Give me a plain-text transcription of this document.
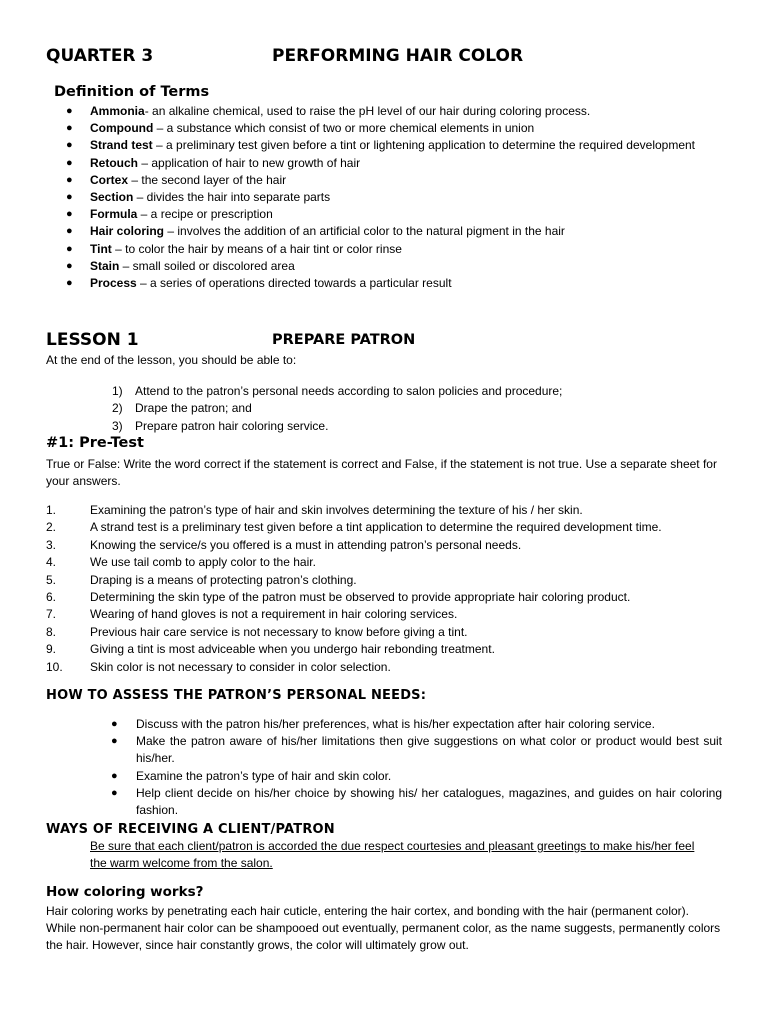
QUARTER 3	PERFORMING HAIR COLOR
Definition of Terms
● Ammonia- an alkaline chemical, used to raise the pH level of our hair during coloring process.
● Compound – a substance which consist of two or more chemical elements in union
● Strand test – a preliminary test given before a tint or lightening application to determine the required development
● Retouch – application of hair to new growth of hair
● Cortex – the second layer of the hair
● Section – divides the hair into separate parts
● Formula – a recipe or prescription
● Hair coloring – involves the addition of an artificial color to the natural pigment in the hair
● Tint – to color the hair by means of a hair tint or color rinse
● Stain – small soiled or discolored area
● Process – a series of operations directed towards a particular result
LESSON 1	PREPARE PATRON
At the end of the lesson, you should be able to:
1)	Attend to the patron’s personal needs according to salon policies and procedure;
2)	Drape the patron; and
3)	Prepare patron hair coloring service.
#1: Pre-Test
True or False: Write the word correct if the statement is correct and False, if the statement is not true. Use a separate sheet for your answers.
1.	Examining the patron’s type of hair and skin involves determining the texture of his / her skin.
2.	A strand test is a preliminary test given before a tint application to determine the required development time.
3.	Knowing the service/s you offered is a must in attending patron’s personal needs.
4.	We use tail comb to apply color to the hair.
5.	Draping is a means of protecting patron’s clothing.
6.	Determining the skin type of the patron must be observed to provide appropriate hair coloring product.
7.	Wearing of hand gloves is not a requirement in hair coloring services.
8.	Previous hair care service is not necessary to know before giving a tint.
9.	Giving a tint is most adviceable when you undergo hair rebonding treatment.
10.	Skin color is not necessary to consider in color selection.
HOW TO ASSESS THE PATRON’S PERSONAL NEEDS:
● Discuss with the patron his/her preferences, what is his/her expectation after hair coloring service.
● Make the patron aware of his/her limitations then give suggestions on what color or product would best suit his/her.
● Examine the patron’s type of hair and skin color.
● Help client decide on his/her choice by showing his/ her catalogues, magazines, and guides on hair coloring fashion.
WAYS OF RECEIVING A CLIENT/PATRON
Be sure that each client/patron is accorded the due respect courtesies and pleasant greetings to make his/her feel the warm welcome from the salon.
How coloring works?
Hair coloring works by penetrating each hair cuticle, entering the hair cortex, and bonding with the hair (permanent color). While non-permanent hair color can be shampooed out eventually, permanent color, as the name suggests, permanently colors the hair. However, since hair constantly grows, the color will ultimately grow out.
